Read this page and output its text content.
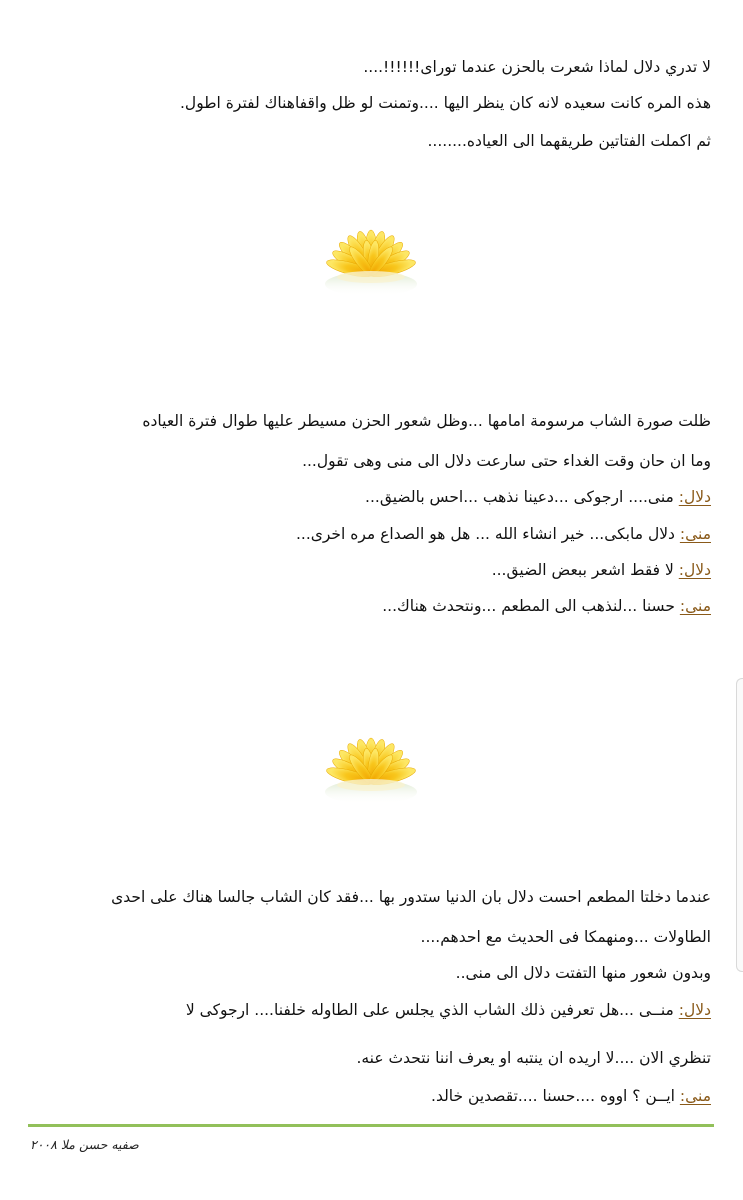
لا تدري دلال لماذا شعرت بالحزن عندما توراى!!!!!!....
هذه المره كانت سعيده لانه كان ينظر اليها ....وتمنت لو ظل واقفاهناك لفترة اطول.
ثم اكملت الفتاتين طريقهما الى العياده........
ظلت صورة الشاب مرسومة امامها ...وظل شعور الحزن مسيطر عليها طوال فترة العياده
وما ان حان وقت الغداء حتى سارعت دلال الى منى وهى تقول...
دلال: منى.... ارجوكى ...دعينا نذهب ...احس بالضيق...
منى: دلال مابكى... خير انشاء الله ... هل هو الصداع مره اخرى...
دلال: لا فقط اشعر ببعض الضيق...
منى: حسنا ...لنذهب الى المطعم ...ونتحدث هناك...
عندما دخلتا المطعم احست دلال بان الدنيا ستدور بها ...فقد كان الشاب جالسا هناك على احدى
الطاولات ...ومنهمكا فى الحديث مع احدهم....
وبدون شعور منها التفتت دلال الى منى..
دلال: منــى ...هل تعرفين ذلك الشاب الذي يجلس على الطاوله خلفنا.... ارجوكى لا
تنظري الان ....لا اريده ان ينتبه او يعرف اننا نتحدث عنه.
منى: ايــن ؟ اووه ....حسنا ....تقصدين خالد.
صفيه حسن ملا ٢٠٠٨
